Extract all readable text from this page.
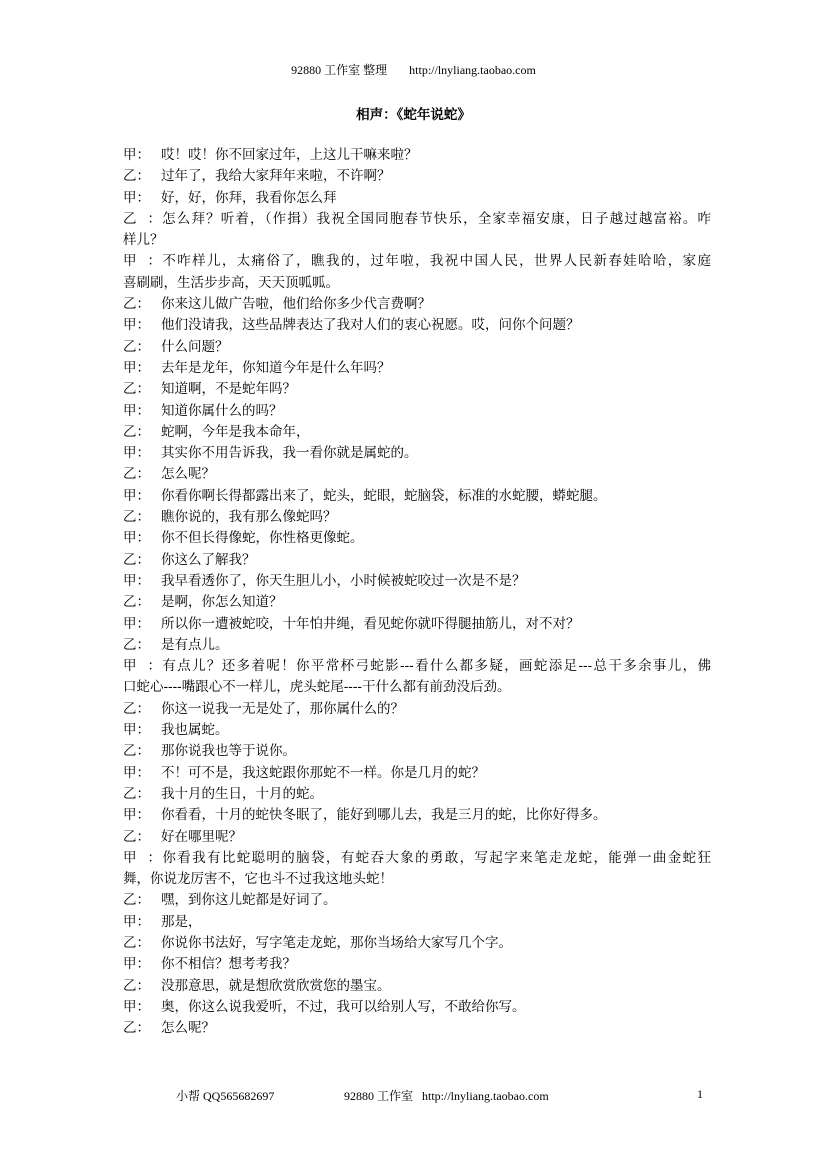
92880 工作室 整理 http://lnyliang.taobao.com
相声：《蛇年说蛇》
甲： 哎！哎！你不回家过年，上这儿干嘛来啦？
乙： 过年了，我给大家拜年来啦，不许啊？
甲： 好，好，你拜，我看你怎么拜
乙：怎么拜？听着，（作揖）我祝全国同胞春节快乐，全家幸福安康，日子越过越富裕。咋
样儿？
甲：不咋样儿，太痛俗了，瞧我的，过年啦，我祝中国人民，世界人民新春娃哈哈，家庭
喜刷刷，生活步步高，天天顶呱呱。
乙： 你来这儿做广告啦，他们给你多少代言费啊？
甲： 他们没请我，这些品牌表达了我对人们的衷心祝愿。哎，问你个问题？
乙： 什么问题？
甲： 去年是龙年，你知道今年是什么年吗？
乙： 知道啊，不是蛇年吗？
甲： 知道你属什么的吗？
乙： 蛇啊，今年是我本命年，
甲： 其实你不用告诉我，我一看你就是属蛇的。
乙： 怎么呢？
甲： 你看你啊长得都露出来了，蛇头，蛇眼，蛇脑袋，标准的水蛇腰，蟒蛇腿。
乙： 瞧你说的，我有那么像蛇吗？
甲： 你不但长得像蛇，你性格更像蛇。
乙： 你这么了解我？
甲： 我早看透你了，你天生胆儿小，小时候被蛇咬过一次是不是？
乙： 是啊，你怎么知道？
甲： 所以你一遭被蛇咬，十年怕井绳，看见蛇你就吓得腿抽筋儿，对不对？
乙： 是有点儿。
甲：有点儿？还多着呢！你平常杯弓蛇影---看什么都多疑，画蛇添足---总干多余事儿，佛
口蛇心----嘴跟心不一样儿，虎头蛇尾----干什么都有前劲没后劲。
乙： 你这一说我一无是处了，那你属什么的？
甲： 我也属蛇。
乙： 那你说我也等于说你。
甲： 不！可不是，我这蛇跟你那蛇不一样。你是几月的蛇？
乙： 我十月的生日，十月的蛇。
甲： 你看看，十月的蛇快冬眠了，能好到哪儿去，我是三月的蛇，比你好得多。
乙： 好在哪里呢？
甲：你看我有比蛇聪明的脑袋，有蛇吞大象的勇敢，写起字来笔走龙蛇，能弹一曲金蛇狂
舞，你说龙厉害不，它也斗不过我这地头蛇！
乙： 嘿，到你这儿蛇都是好词了。
甲： 那是，
乙： 你说你书法好，写字笔走龙蛇，那你当场给大家写几个字。
甲： 你不相信？想考考我？
乙： 没那意思，就是想欣赏欣赏您的墨宝。
甲： 奥，你这么说我爱听，不过，我可以给别人写，不敢给你写。
乙： 怎么呢？
小帮 QQ565682697	92880 工作室 http://lnyliang.taobao.com	1
